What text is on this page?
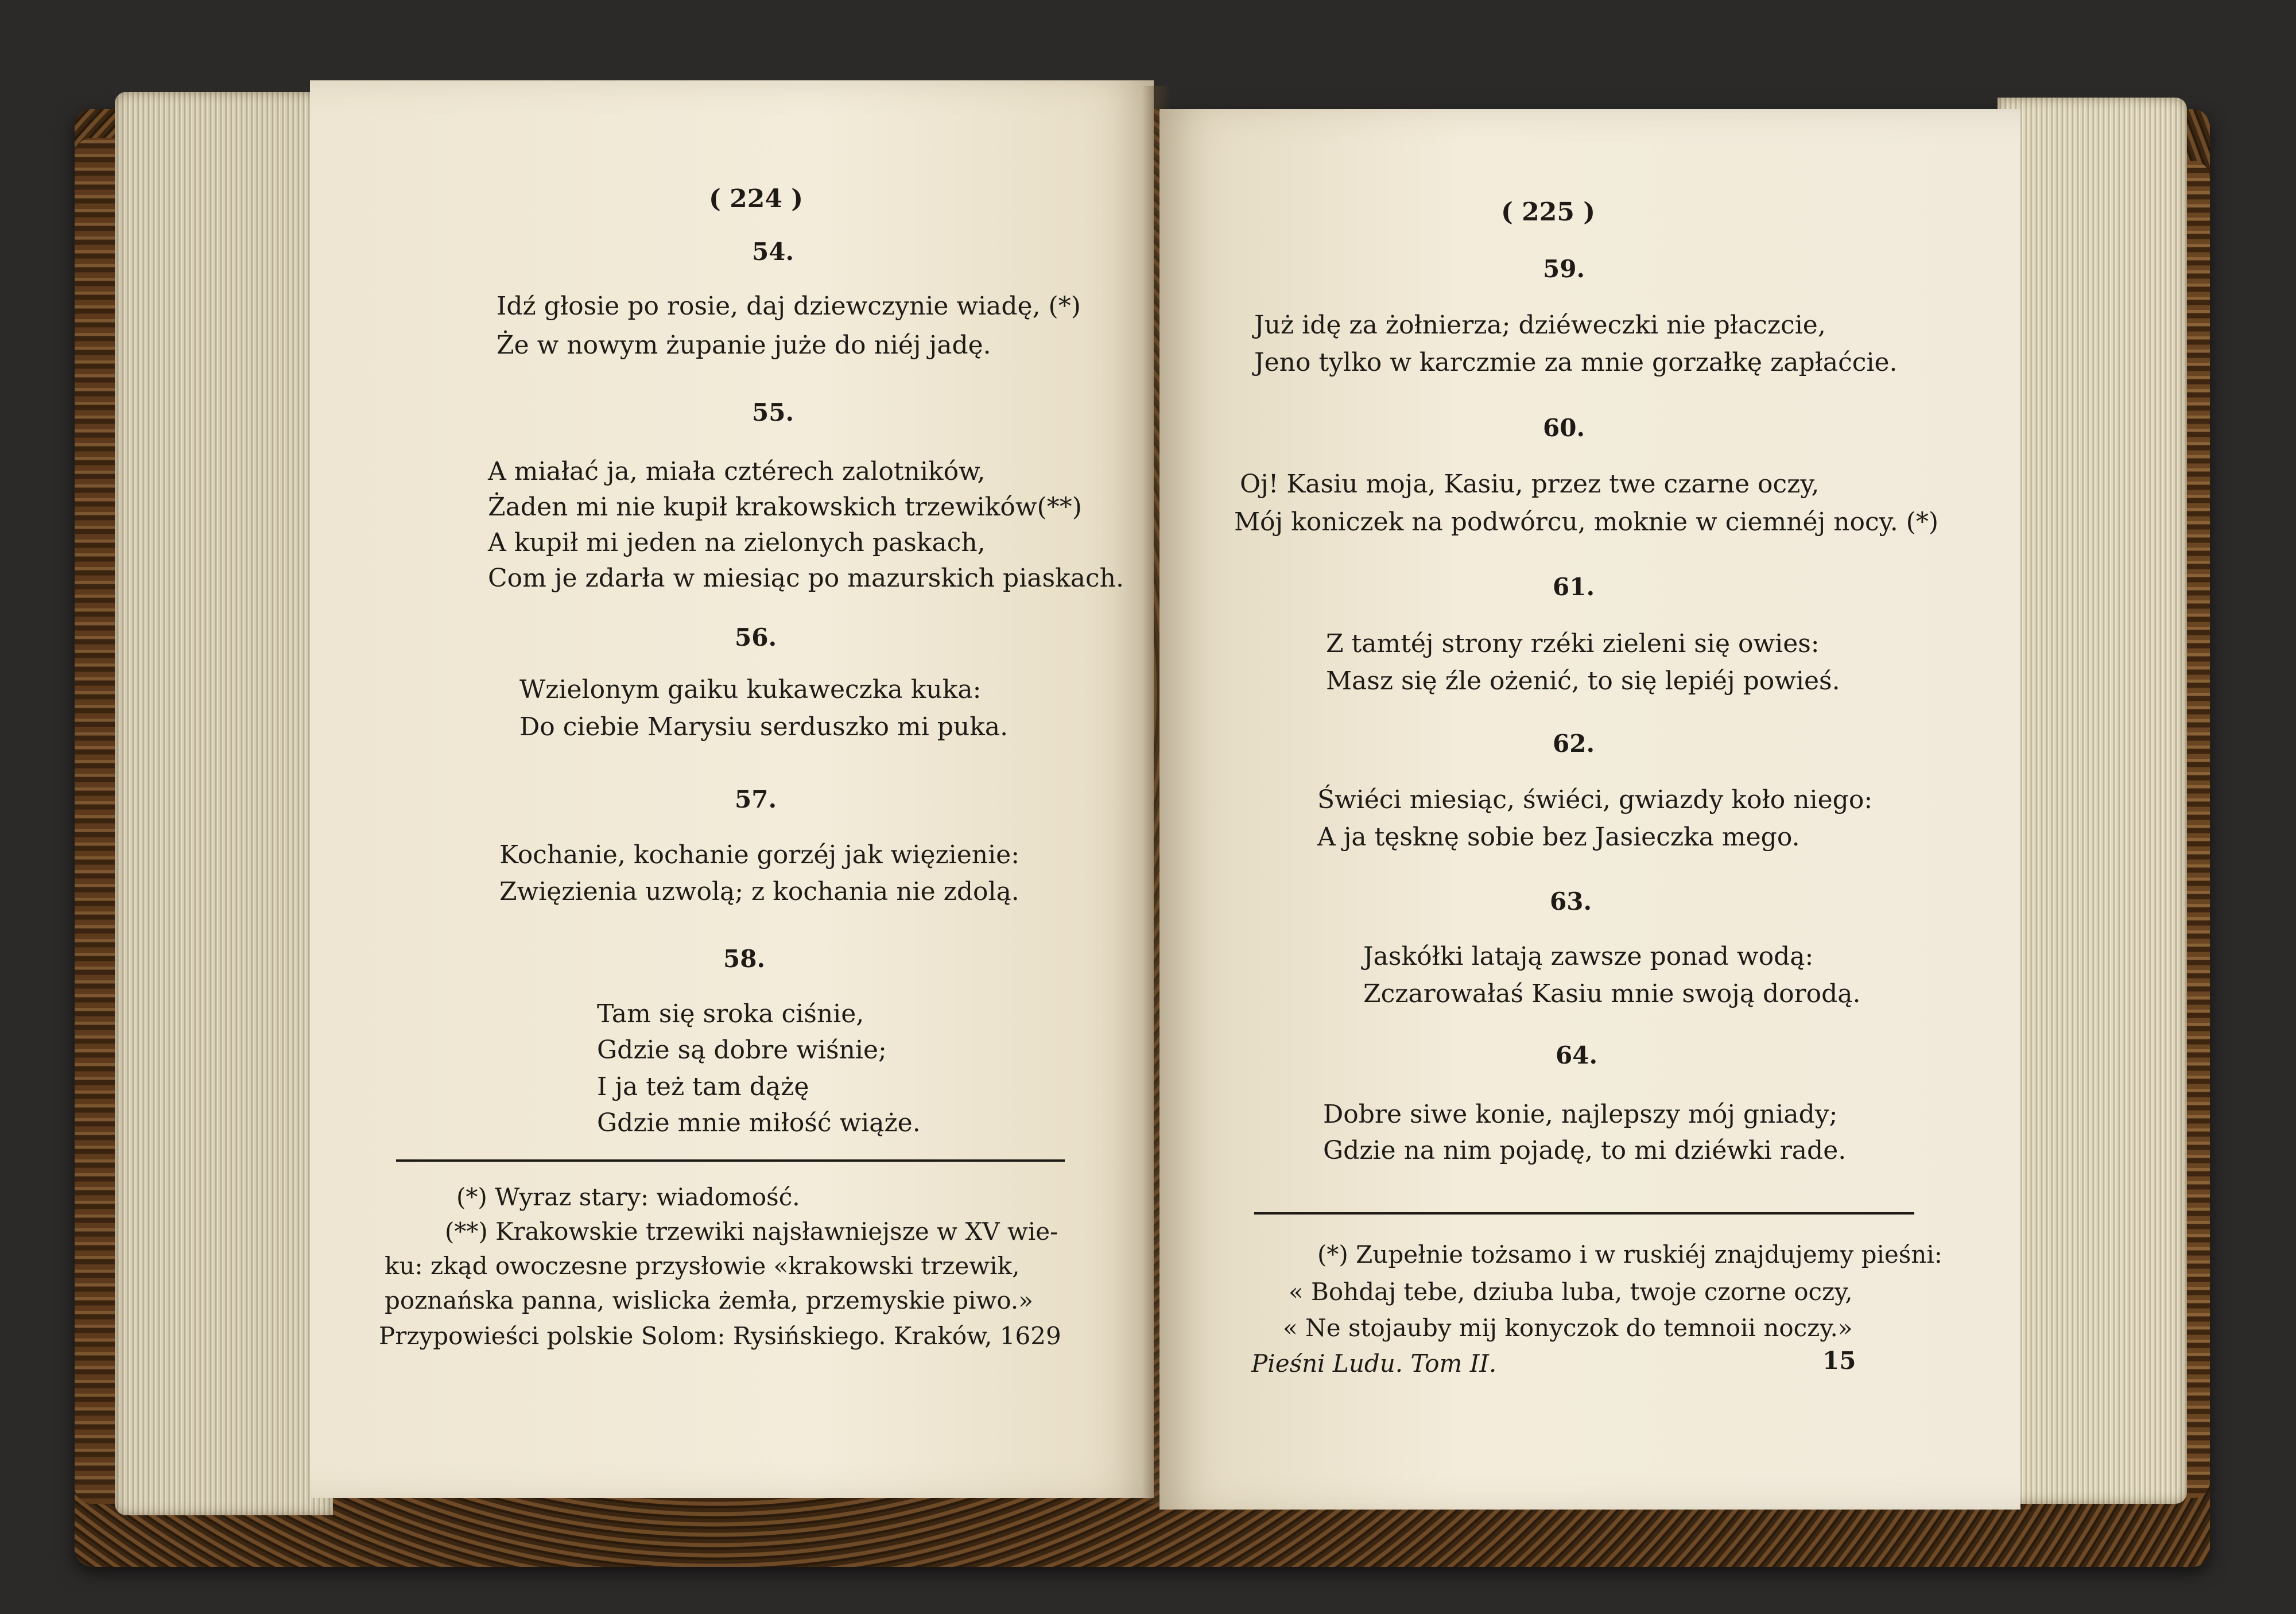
( 224 )
54.
Idź głosie po rosie, daj dziewczynie wiadę, (*)
Że w nowym żupanie juże do niéj jadę.
55.
A miałać ja, miała cztérech zalotników,
Żaden mi nie kupił krakowskich trzewików(**)
A kupił mi jeden na zielonych paskach,
Com je zdarła w miesiąc po mazurskich piaskach.
56.
Wzielonym gaiku kukaweczka kuka:
Do ciebie Marysiu serduszko mi puka.
57.
Kochanie, kochanie gorzéj jak więzienie:
Zwięzienia uzwolą; z kochania nie zdolą.
58.
Tam się sroka ciśnie,
Gdzie są dobre wiśnie;
I ja też tam dążę
Gdzie mnie miłość wiąże.
(*) Wyraz stary: wiadomość.
(**) Krakowskie trzewiki najsławniejsze w XV wie-
ku: zkąd owoczesne przysłowie «krakowski trzewik,
poznańska panna, wislicka żemła, przemyskie piwo.»
Przypowieści polskie Solom: Rysińskiego. Kraków, 1629
( 225 )
59.
Już idę za żołnierza; dziéweczki nie płaczcie,
Jeno tylko w karczmie za mnie gorzałkę zapłaćcie.
60.
Oj! Kasiu moja, Kasiu, przez twe czarne oczy,
Mój koniczek na podwórcu, moknie w ciemnéj nocy. (*)
61.
Z tamtéj strony rzéki zieleni się owies:
Masz się źle ożenić, to się lepiéj powieś.
62.
Świéci miesiąc, świéci, gwiazdy koło niego:
A ja tęsknę sobie bez Jasieczka mego.
63.
Jaskółki latają zawsze ponad wodą:
Zczarowałaś Kasiu mnie swoją dorodą.
64.
Dobre siwe konie, najlepszy mój gniady;
Gdzie na nim pojadę, to mi dziéwki rade.
(*) Zupełnie tożsamo i w ruskiéj znajdujemy pieśni:
« Bohdaj tebe, dziuba luba, twoje czorne oczy,
« Ne stojauby mij konyczok do temnoii noczy.»
Pieśni Ludu. Tom II.	15
